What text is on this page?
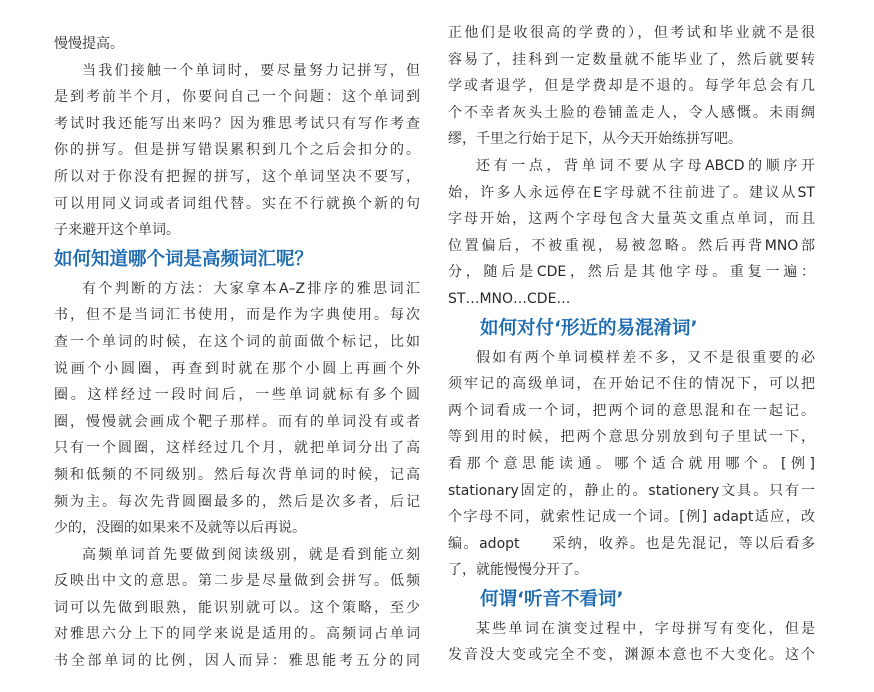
慢慢提高。
当我们接触一个单词时，要尽量努力记拼写，但
是到考前半个月，你要问自己一个问题：这个单词到
考试时我还能写出来吗？因为雅思考试只有写作考查
你的拼写。但是拼写错误累积到几个之后会扣分的。
所以对于你没有把握的拼写，这个单词坚决不要写，
可以用同义词或者词组代替。实在不行就换个新的句
子来避开这个单词。
如何知道哪个词是高频词汇呢？
有个判断的方法：大家拿本A–Z排序的雅思词汇
书，但不是当词汇书使用，而是作为字典使用。每次
查一个单词的时候，在这个词的前面做个标记，比如
说画个小圆圈，再查到时就在那个小圆上再画个外
圈。这样经过一段时间后，一些单词就标有多个圆
圈，慢慢就会画成个靶子那样。而有的单词没有或者
只有一个圆圈，这样经过几个月，就把单词分出了高
频和低频的不同级别。然后每次背单词的时候，记高
频为主。每次先背圆圈最多的，然后是次多者，后记
少的，没圈的如果来不及就等以后再说。
高频单词首先要做到阅读级别，就是看到能立刻
反映出中文的意思。第二步是尽量做到会拼写。低频
词可以先做到眼熟，能识别就可以。这个策略，至少
对雅思六分上下的同学来说是适用的。高频词占单词
书全部单词的比例，因人而异：雅思能考五分的同
正他们是收很高的学费的），但考试和毕业就不是很
容易了，挂科到一定数量就不能毕业了，然后就要转
学或者退学，但是学费却是不退的。每学年总会有几
个不幸者灰头土脸的卷铺盖走人，令人感慨。未雨绸
缪，千里之行始于足下，从今天开始练拼写吧。
还有一点，背单词不要从字母ABCD的顺序开
始，许多人永远停在E字母就不往前进了。建议从ST
字母开始，这两个字母包含大量英文重点单词，而且
位置偏后，不被重视，易被忽略。然后再背MNO部
分，随后是CDE，然后是其他字母。重复一遍：
ST…MNO…CDE…
如何对付‘形近的易混淆词’
假如有两个单词模样差不多，又不是很重要的必
须牢记的高级单词，在开始记不住的情况下，可以把
两个词看成一个词，把两个词的意思混和在一起记。
等到用的时候，把两个意思分别放到句子里试一下，
看那个意思能读通。哪个适合就用哪个。[例]
stationary固定的，静止的。stationery文具。只有一
个字母不同，就索性记成一个词。[例] adapt适应，改
编。adopt　　采纳，收养。也是先混记，等以后看多
了，就能慢慢分开了。
何谓‘听音不看词’
某些单词在演变过程中，字母拼写有变化，但是
发音没大变或完全不变，渊源本意也不大变化。这个
